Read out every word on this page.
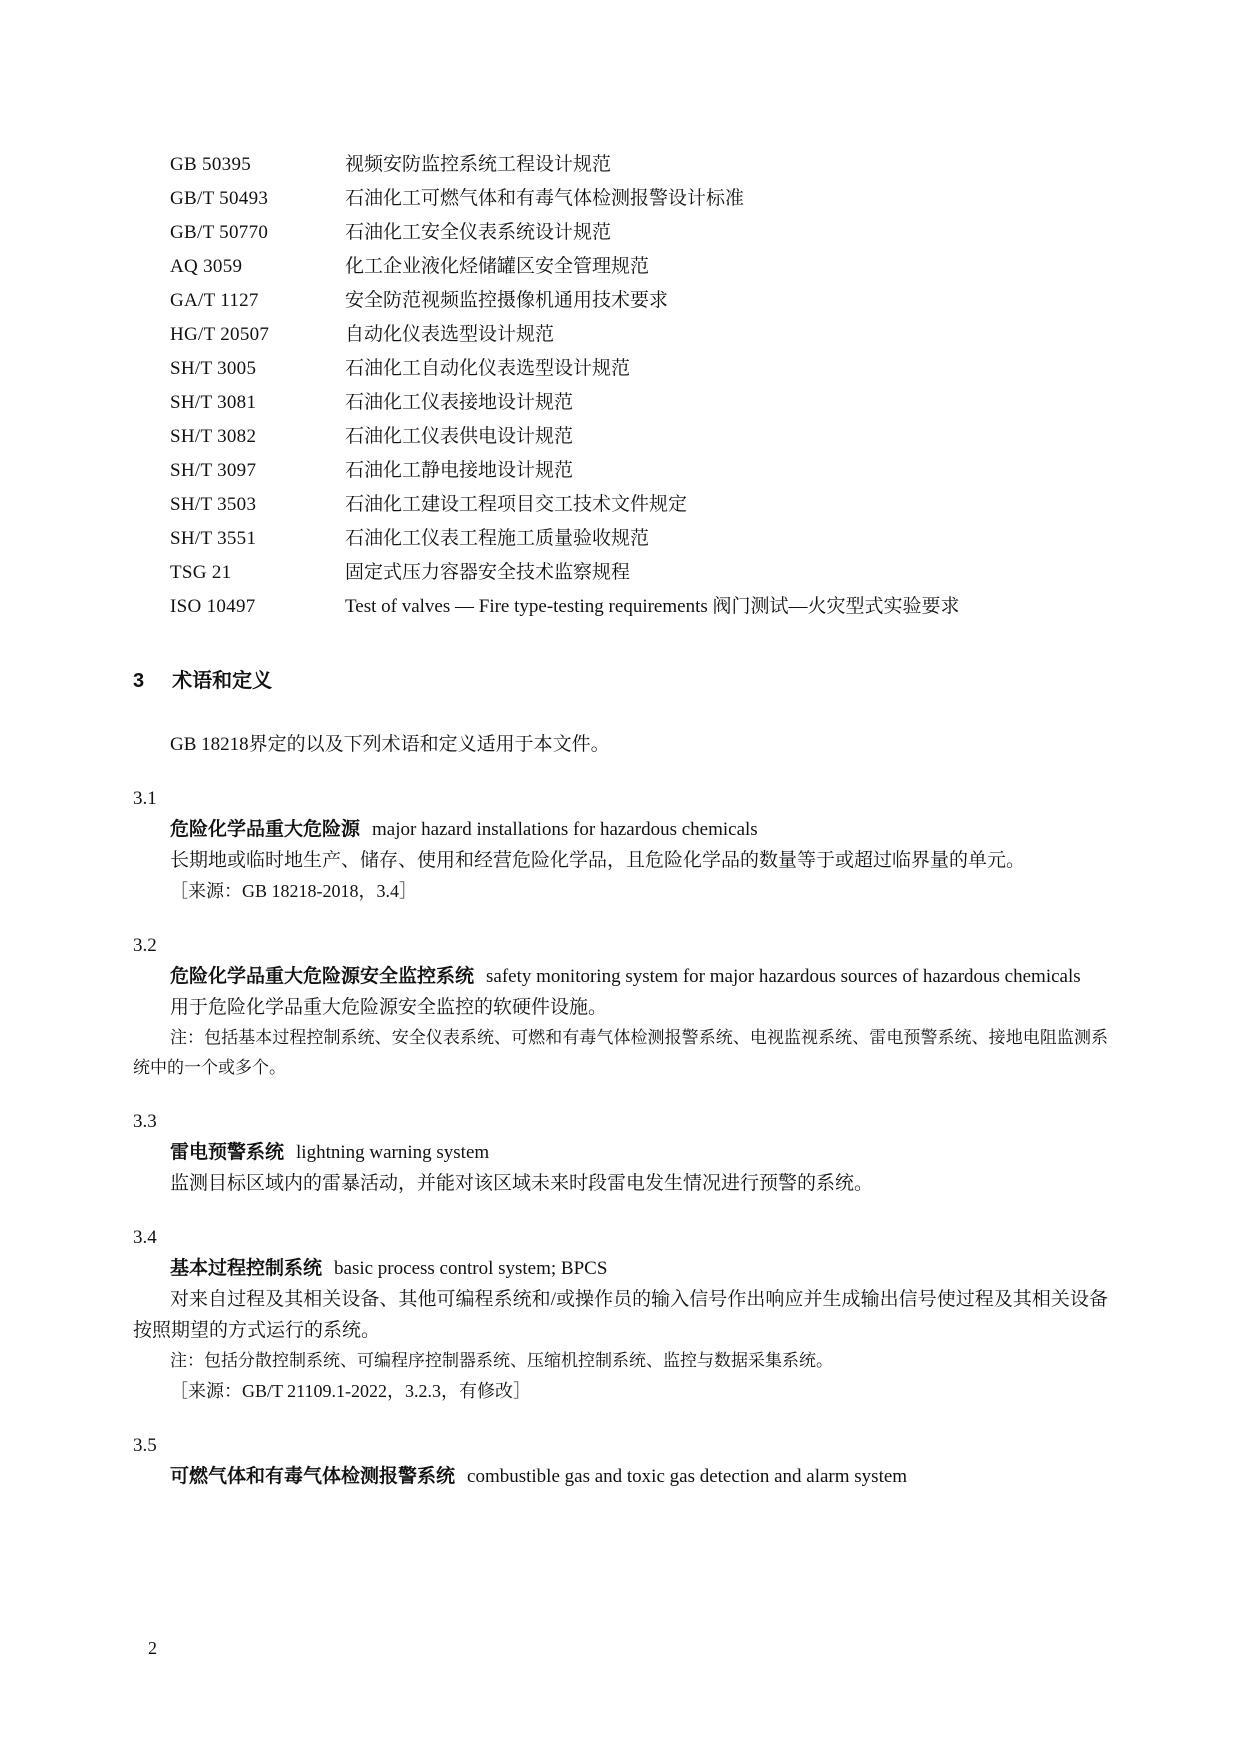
GB 50395	视频安防监控系统工程设计规范
GB/T 50493	石油化工可燃气体和有毒气体检测报警设计标准
GB/T 50770	石油化工安全仪表系统设计规范
AQ 3059	化工企业液化烃储罐区安全管理规范
GA/T 1127	安全防范视频监控摄像机通用技术要求
HG/T 20507	自动化仪表选型设计规范
SH/T 3005	石油化工自动化仪表选型设计规范
SH/T 3081	石油化工仪表接地设计规范
SH/T 3082	石油化工仪表供电设计规范
SH/T 3097	石油化工静电接地设计规范
SH/T 3503	石油化工建设工程项目交工技术文件规定
SH/T 3551	石油化工仪表工程施工质量验收规范
TSG 21	固定式压力容器安全技术监察规程
ISO 10497	Test of valves — Fire type-testing requirements 阀门测试—火灾型式实验要求
3 术语和定义

GB 18218界定的以及下列术语和定义适用于本文件。

3.1

危险化学品重大危险源 major hazard installations for hazardous chemicals

长期地或临时地生产、储存、使用和经营危险化学品，且危险化学品的数量等于或超过临界量的单元。

［来源：GB 18218-2018，3.4］

3.2

危险化学品重大危险源安全监控系统 safety monitoring system for major hazardous sources of hazardous chemicals

用于危险化学品重大危险源安全监控的软硬件设施。

注：包括基本过程控制系统、安全仪表系统、可燃和有毒气体检测报警系统、电视监视系统、雷电预警系统、接地电阻监测系统中的一个或多个。

3.3

雷电预警系统 lightning warning system

监测目标区域内的雷暴活动，并能对该区域未来时段雷电发生情况进行预警的系统。

3.4

基本过程控制系统 basic process control system; BPCS

对来自过程及其相关设备、其他可编程系统和/或操作员的输入信号作出响应并生成输出信号使过程及其相关设备按照期望的方式运行的系统。

注：包括分散控制系统、可编程序控制器系统、压缩机控制系统、监控与数据采集系统。

［来源：GB/T 21109.1-2022，3.2.3，有修改］

3.5

可燃气体和有毒气体检测报警系统 combustible gas and toxic gas detection and alarm system

2
